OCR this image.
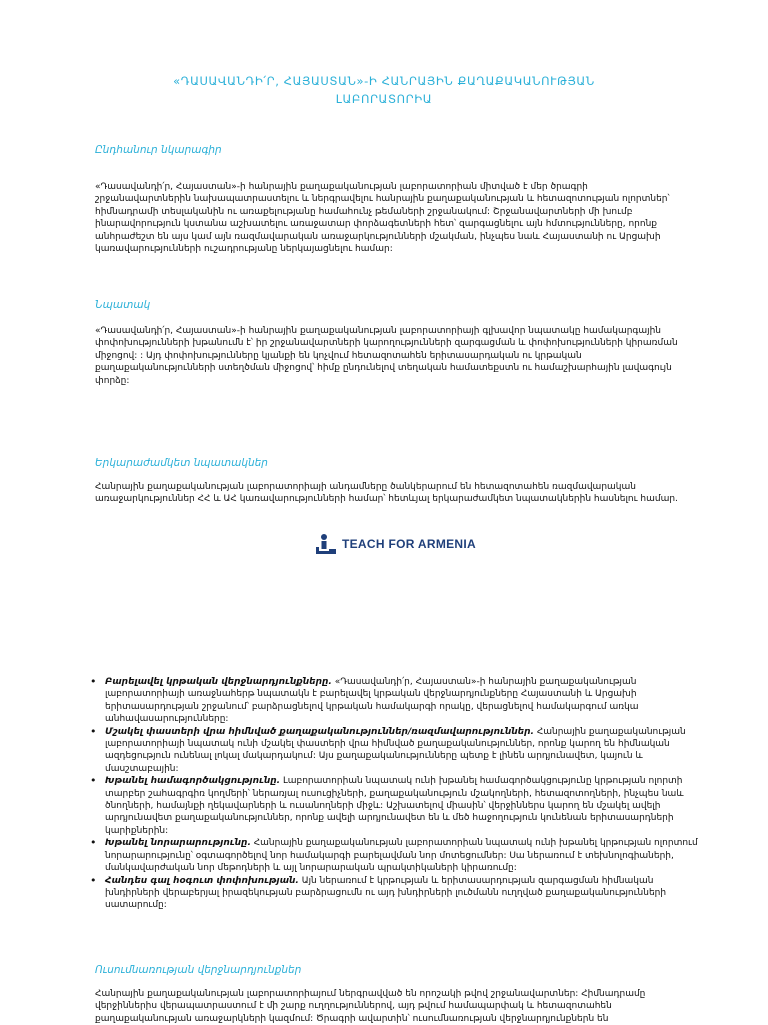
«ԴԱՍԱՎԱՆԴԻ՛Ր, ՀԱՅԱՍՏԱՆ»-Ի ՀԱՆՐԱՅԻՆ ՔԱՂԱՔԱԿԱՆՈՒԹՅԱՆ
ԼԱԲՈՐԱՏՈՐԻԱ
Ընդհանուր նկարագիր

«Դասավանդի՛ր, Հայաստան»-ի հանրային քաղաքականության լաբորատորիան միտված է մեր ծրագրի շրջանավարտներին նախապատրաստելու և ներգրավելու հանրային քաղաքականության և հետազոտության ոլորտներ՝ հիմնադրամի տեսլականին ու առաքելությանը համահունչ թեմաների շրջանակում: Շրջանավարտների մի խումբ ինարավորություն կստանա աշխատելու առաջատար փորձագետների հետ՝ զարգացնելու այն հմտությունները, որոնք անհրաժեշտ են այս կամ այն ռազմավարական առաջարկությունների մշակման, ինչպես նաև Հայաստանի ու Արցախի կառավարությունների ուշադրությանը ներկայացնելու համար:

Նպատակ

«Դասավանդի՛ր, Հայաստան»-ի հանրային քաղաքականության լաբորատորիայի գլխավոր նպատակը համակարգային փոփոխությունների խթանումն է՝ իր շրջանավարտների կարողությունների զարգացման և փոփոխությունների կիրառման միջոցով: : Այդ փոփոխությունները կյանքի են կոչվում հետազոտահեն երիտասարդական ու կրթական քաղաքականությունների ստեղծման միջոցով՝ հիմք ընդունելով տեղական համատեքստն ու համաշխարհային լավագույն փորձը:

Երկարաժամկետ նպատակներ

Հանրային քաղաքականության լաբորատորիայի անդամները ծանկերարում են հետազոտահեն ռազմավարական առաջարկություններ ՀՀ և ԱՀ կառավարությունների համար՝ հետևյալ երկարաժամկետ նպատակներին հասնելու համար.

TEACH FOR ARMENIA
• Բարելավել կրթական վերջնարդյունքները. «Դասավանդի՛ր, Հայաստան»-ի հանրային քաղաքականության լաբորատորիայի առաջնահերթ նպատակն է բարելավել կրթական վերջնարդյունքները Հայաստանի և Արցախի երիտասարդության շրջանում՝ բարձրացնելով կրթական համակարգի որակը, վերացնելով համակարգում առկա անհավասարությունները:
• Մշակել փաստերի վրա հիմնված քաղաքականություններ/ռազմավարություններ. Հանրային քաղաքականության լաբորատորիայի նպատակ ունի մշակել փաստերի վրա հիմնված քաղաքականություններ, որոնք կարող են հիմնական ազդեցություն ունենալ լոկալ մակարդակում: Այս քաղաքականությունները պետք է լինեն արդյունավետ, կայուն և մասշտաբային:
• Խթանել համագործակցությունը. Լաբորատորիան նպատակ ունի խթանել համագործակցությունը կրթության ոլորտի տարբեր շահագրգիռ կողմերի՝ ներառյալ ուսուցիչների, քաղաքականություն մշակողների, հետազոտողների, ինչպես նաև ծնողների, համայնքի ղեկավարների և ուսանողների միջև: Աշխատելով միասին՝ վերջիններս կարող են մշակել ավելի արդյունավետ քաղաքականություններ, որոնք ավելի արդյունավետ են և մեծ հաջողություն կունենան երիտասարդների կարիքներին:
• Խթանել նորարարությունը. Հանրային քաղաքականության լաբորատորիան նպատակ ունի խթանել կրթության ոլորտում նորարարությունը՝ օգտագործելով նոր համակարգի բարելավման նոր մոտեցումներ: Սա ներառում է տեխնոլոգիաների, մանկավարժական նոր մեթոդների և այլ նորարարական պրակտիկաների կիրառումը:
• Հանդես գալ հօգուտ փոփոխության. Այն ներառում է կրթության և երիտասարդության զարգացման հիմնական խնդիրների վերաբերյալ իրազեկության բարձրացումն ու այդ խնդիրների լուծմանն ուղղված քաղաքականությունների սատարումը:
Ուսումնառության վերջնարդյունքներ

Հանրային քաղաքականության լաբորատորիայում ներգրավված են որոշակի թվով շրջանավարտներ: Հիմնադրամը վերջիններիս վերապատրաստում է մի շարք ուղղություններով, այդ թվում համապարփակ և հետազոտահեն քաղաքականության առաջարկների կազմում: Ծրագրի ավարտին՝ ուսումնառության վերջնարդյունքներն են
